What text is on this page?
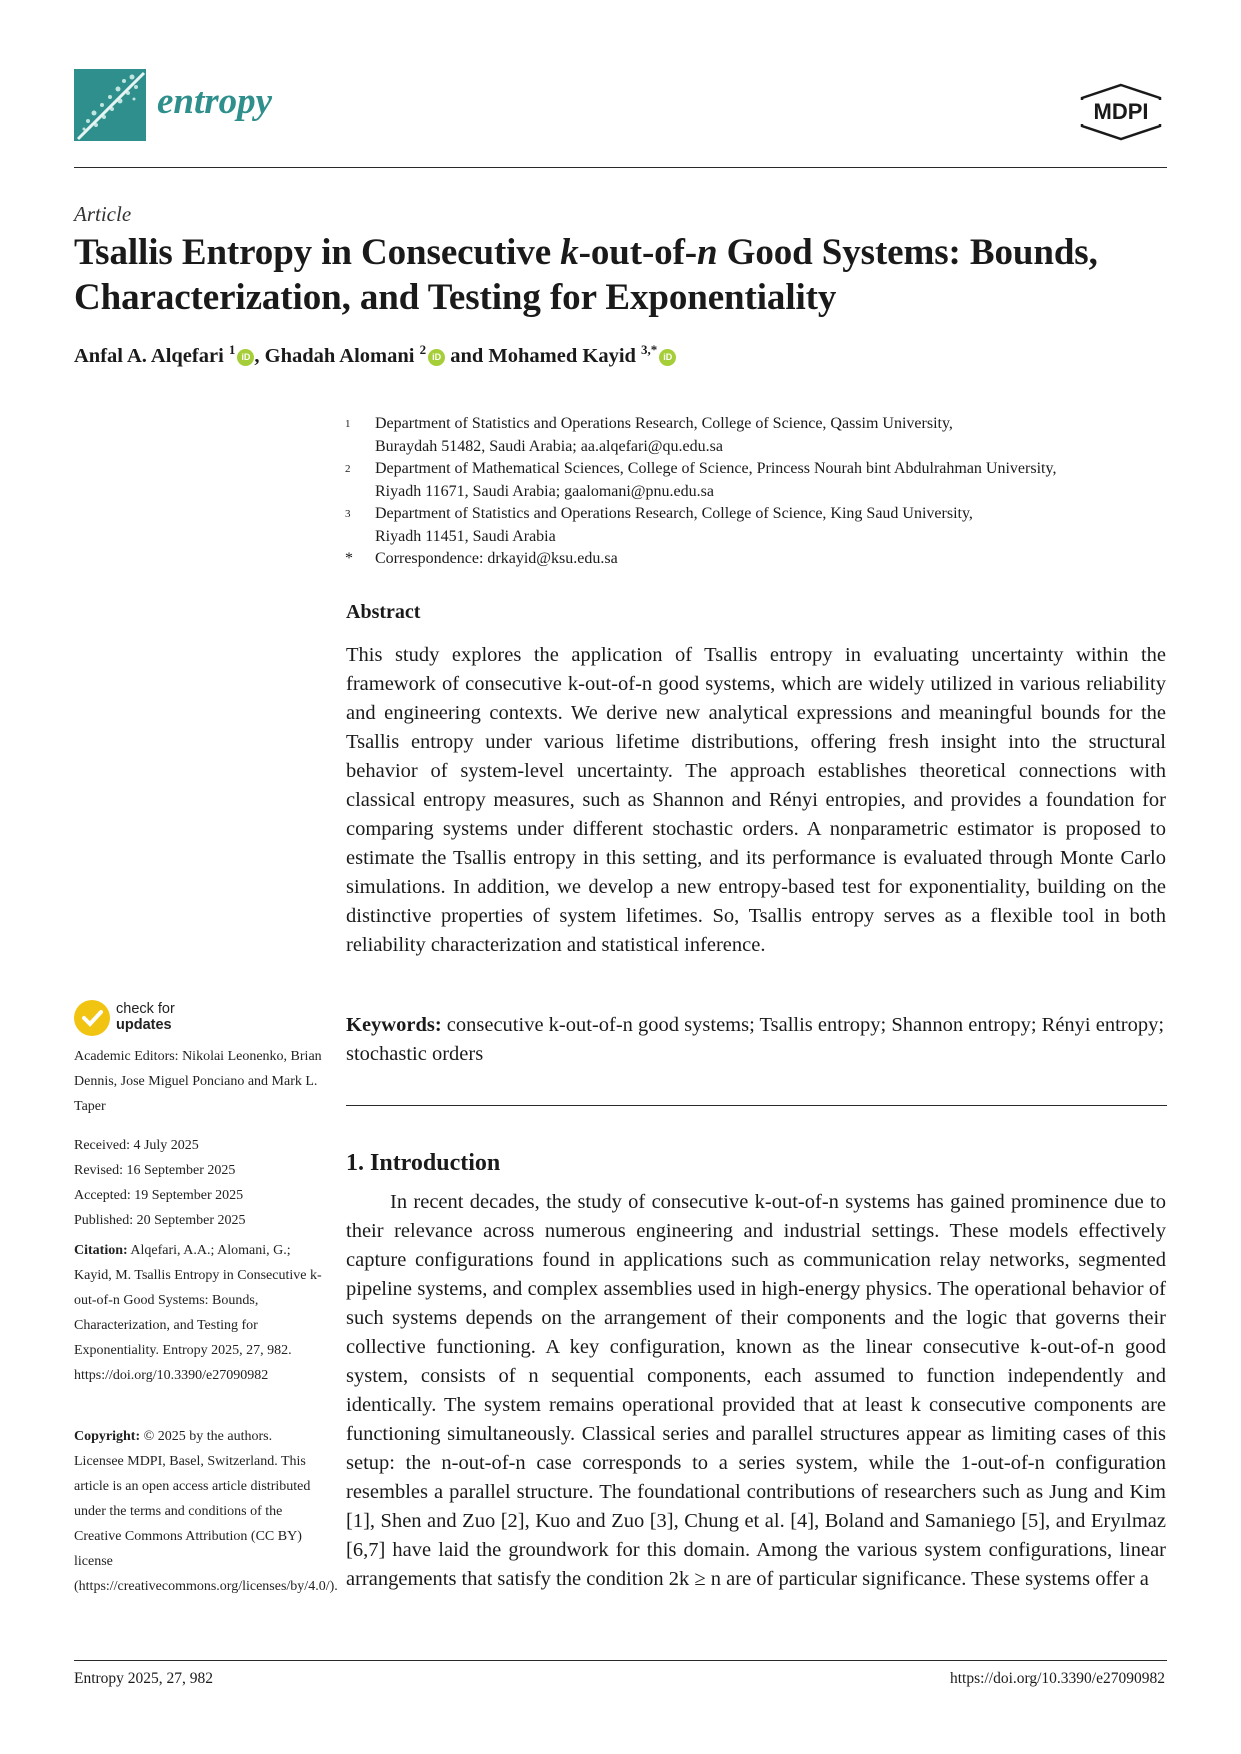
entropy	MDPI
Article
Tsallis Entropy in Consecutive k-out-of-n Good Systems: Bounds, Characterization, and Testing for Exponentiality
Anfal A. Alqefari $^1$ iD , Ghadah Alomani $^2$ iD and Mohamed Kayid $^{3,*}$ iD
1	Department of Statistics and Operations Research, College of Science, Qassim University,
Buraydah 51482, Saudi Arabia; aa.alqefari@qu.edu.sa
2	Department of Mathematical Sciences, College of Science, Princess Nourah bint Abdulrahman University,
Riyadh 11671, Saudi Arabia; gaalomani@pnu.edu.sa
3	Department of Statistics and Operations Research, College of Science, King Saud University,
Riyadh 11451, Saudi Arabia
*	Correspondence: drkayid@ksu.edu.sa
Abstract
This study explores the application of Tsallis entropy in evaluating uncertainty within the framework of consecutive k-out-of-n good systems, which are widely utilized in various reliability and engineering contexts. We derive new analytical expressions and meaningful bounds for the Tsallis entropy under various lifetime distributions, offering fresh insight into the structural behavior of system-level uncertainty. The approach establishes theoretical connections with classical entropy measures, such as Shannon and Rényi entropies, and provides a foundation for comparing systems under different stochastic orders. A nonparametric estimator is proposed to estimate the Tsallis entropy in this setting, and its performance is evaluated through Monte Carlo simulations. In addition, we develop a new entropy-based test for exponentiality, building on the distinctive properties of system lifetimes. So, Tsallis entropy serves as a flexible tool in both reliability characterization and statistical inference.
Keywords: consecutive k-out-of-n good systems; Tsallis entropy; Shannon entropy; Rényi entropy; stochastic orders
1. Introduction
In recent decades, the study of consecutive k-out-of-n systems has gained prominence due to their relevance across numerous engineering and industrial settings. These models effectively capture configurations found in applications such as communication relay networks, segmented pipeline systems, and complex assemblies used in high-energy physics. The operational behavior of such systems depends on the arrangement of their components and the logic that governs their collective functioning. A key configuration, known as the linear consecutive k-out-of-n good system, consists of n sequential components, each assumed to function independently and identically. The system remains operational provided that at least k consecutive components are functioning simultaneously. Classical series and parallel structures appear as limiting cases of this setup: the n-out-of-n case corresponds to a series system, while the 1-out-of-n configuration resembles a parallel structure. The foundational contributions of researchers such as Jung and Kim [1], Shen and Zuo [2], Kuo and Zuo [3], Chung et al. [4], Boland and Samaniego [5], and Eryılmaz [6,7] have laid the groundwork for this domain. Among the various system configurations, linear arrangements that satisfy the condition 2k ≥ n are of particular significance. These systems offer a
check for
updates
Academic Editors: Nikolai Leonenko, Brian Dennis, Jose Miguel Ponciano and Mark L. Taper
Received: 4 July 2025
Revised: 16 September 2025
Accepted: 19 September 2025
Published: 20 September 2025
Citation: Alqefari, A.A.; Alomani, G.; Kayid, M. Tsallis Entropy in Consecutive k-out-of-n Good Systems: Bounds, Characterization, and Testing for Exponentiality. Entropy 2025, 27, 982. https://doi.org/10.3390/e27090982
Copyright: © 2025 by the authors. Licensee MDPI, Basel, Switzerland. This article is an open access article distributed under the terms and conditions of the Creative Commons Attribution (CC BY) license (https://creativecommons.org/licenses/by/4.0/).
Entropy 2025, 27, 982	https://doi.org/10.3390/e27090982
